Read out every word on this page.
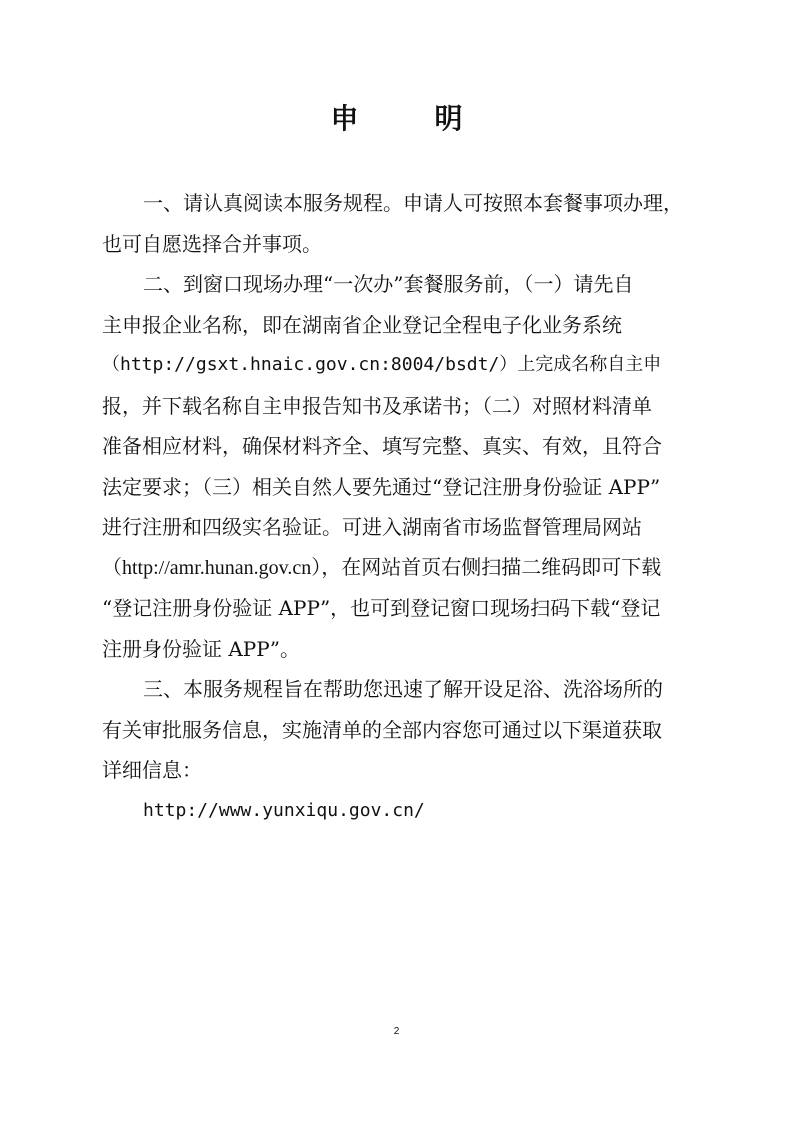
申　明

一、请认真阅读本服务规程。申请人可按照本套餐事项办理，
也可自愿选择合并事项。

二、到窗口现场办理“一次办”套餐服务前，（一）请先自
主申报企业名称，即在湖南省企业登记全程电子化业务系统
（http://gsxt.hnaic.gov.cn:8004/bsdt/）上完成名称自主申
报，并下载名称自主申报告知书及承诺书；（二）对照材料清单
准备相应材料，确保材料齐全、填写完整、真实、有效，且符合
法定要求；（三）相关自然人要先通过“登记注册身份验证 APP”
进行注册和四级实名验证。可进入湖南省市场监督管理局网站
（http://amr.hunan.gov.cn），在网站首页右侧扫描二维码即可下载
“登记注册身份验证 APP”，也可到登记窗口现场扫码下载“登记
注册身份验证 APP”。

三、本服务规程旨在帮助您迅速了解开设足浴、洗浴场所的
有关审批服务信息，实施清单的全部内容您可通过以下渠道获取
详细信息：

http://www.yunxiqu.gov.cn/
2
